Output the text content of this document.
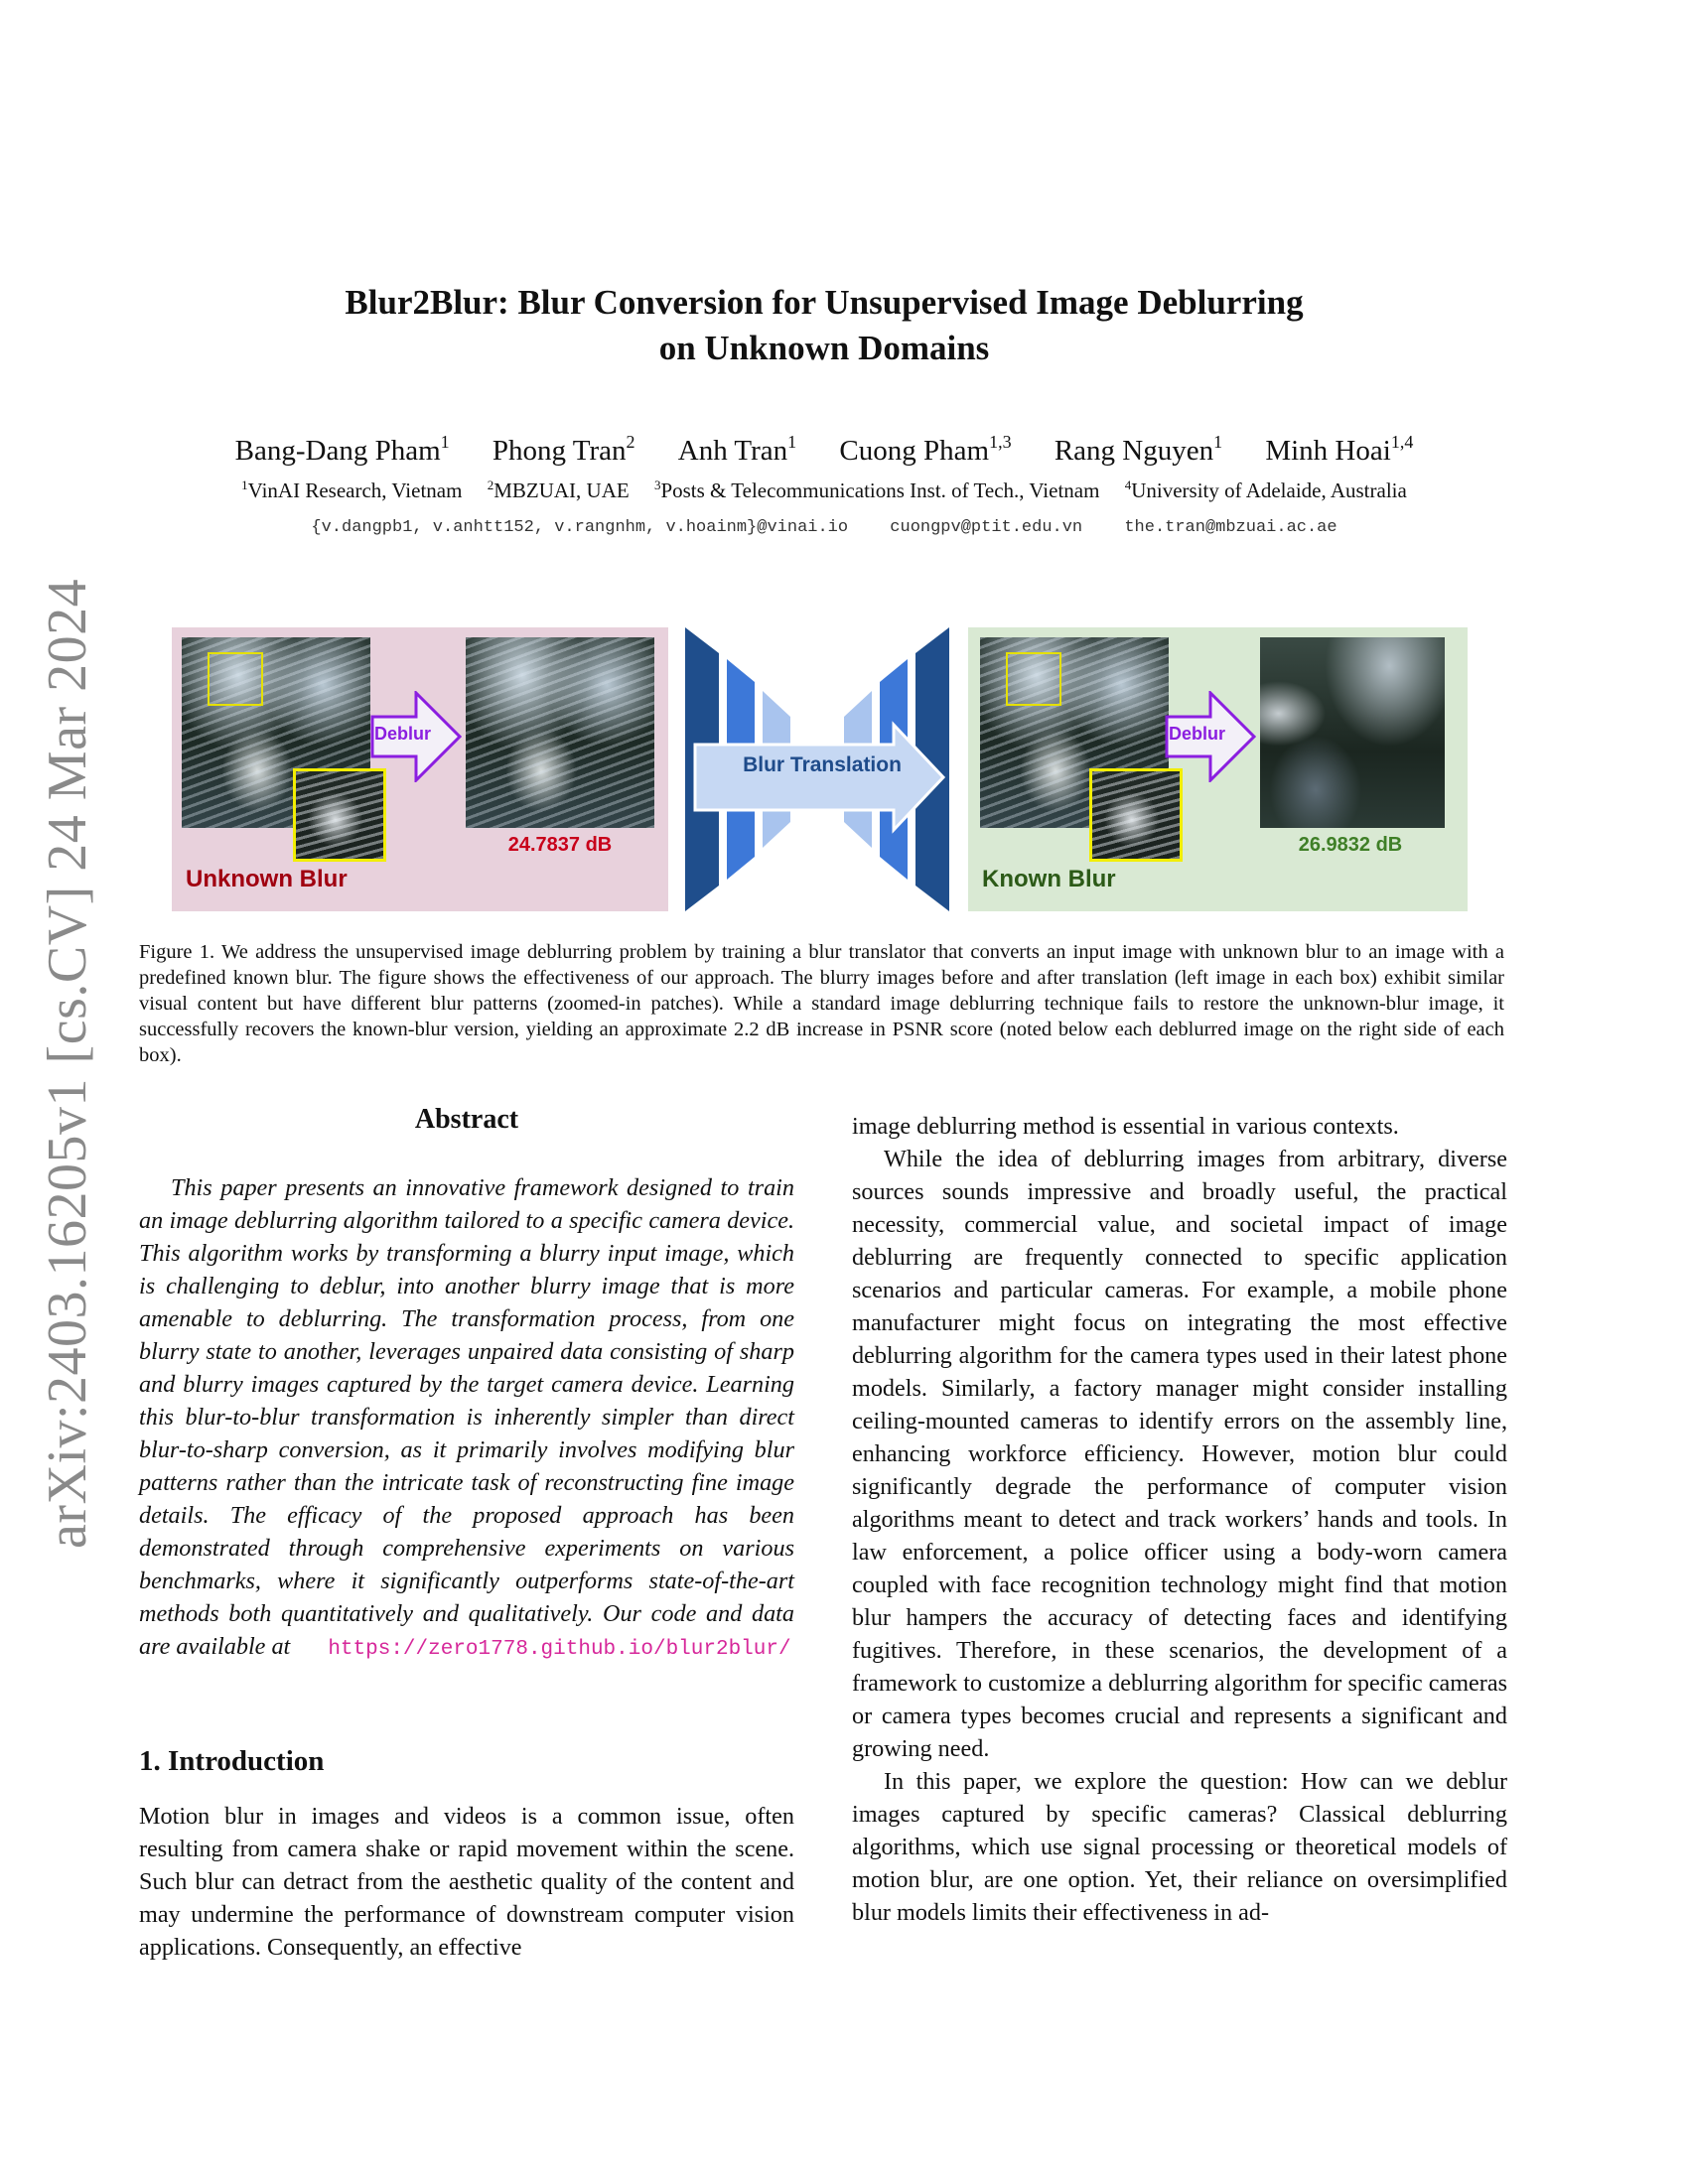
arXiv:2403.16205v1 [cs.CV] 24 Mar 2024
Blur2Blur: Blur Conversion for Unsupervised Image Deblurring
on Unknown Domains
Bang-Dang Pham$^1$ Phong Tran$^2$ Anh Tran$^1$ Cuong Pham$^{1,3}$ Rang Nguyen$^1$ Minh Hoai$^{1,4}$
$^1$VinAI Research, Vietnam $^2$MBZUAI, UAE $^3$Posts & Telecommunications Inst. of Tech., Vietnam $^4$University of Adelaide, Australia
{v.dangpb1, v.anhtt152, v.rangnhm, v.hoainm}@vinai.io cuongpv@ptit.edu.vn the.tran@mbzuai.ac.ae
Deblur
24.7837 dB
Unknown Blur
Blur Translation
Deblur
26.9832 dB
Known Blur
Figure 1. We address the unsupervised image deblurring problem by training a blur translator that converts an input image with unknown blur to an image with a predefined known blur. The figure shows the effectiveness of our approach. The blurry images before and after translation (left image in each box) exhibit similar visual content but have different blur patterns (zoomed-in patches). While a standard image deblurring technique fails to restore the unknown-blur image, it successfully recovers the known-blur version, yielding an approximate 2.2 dB increase in PSNR score (noted below each deblurred image on the right side of each box).
Abstract

This paper presents an innovative framework designed to train an image deblurring algorithm tailored to a specific camera device. This algorithm works by transforming a blurry input image, which is challenging to deblur, into another blurry image that is more amenable to deblurring. The transformation process, from one blurry state to another, leverages unpaired data consisting of sharp and blurry images captured by the target camera device. Learning this blur-to-blur transformation is inherently simpler than direct blur-to-sharp conversion, as it primarily involves modifying blur patterns rather than the intricate task of reconstructing fine image details. The efficacy of the proposed approach has been demonstrated through comprehensive experiments on various benchmarks, where it significantly outperforms state-of-the-art methods both quantitatively and qualitatively. Our code and data are available at https://zero1778.github.io/blur2blur/

1. Introduction

Motion blur in images and videos is a common issue, often resulting from camera shake or rapid movement within the scene. Such blur can detract from the aesthetic quality of the content and may undermine the performance of downstream computer vision applications. Consequently, an effective

image deblurring method is essential in various contexts.

While the idea of deblurring images from arbitrary, diverse sources sounds impressive and broadly useful, the practical necessity, commercial value, and societal impact of image deblurring are frequently connected to specific application scenarios and particular cameras. For example, a mobile phone manufacturer might focus on integrating the most effective deblurring algorithm for the camera types used in their latest phone models. Similarly, a factory manager might consider installing ceiling-mounted cameras to identify errors on the assembly line, enhancing workforce efficiency. However, motion blur could significantly degrade the performance of computer vision algorithms meant to detect and track workers’ hands and tools. In law enforcement, a police officer using a body-worn camera coupled with face recognition technology might find that motion blur hampers the accuracy of detecting faces and identifying fugitives. Therefore, in these scenarios, the development of a framework to customize a deblurring algorithm for specific cameras or camera types becomes crucial and represents a significant and growing need.

In this paper, we explore the question: How can we deblur images captured by specific cameras? Classical deblurring algorithms, which use signal processing or theoretical models of motion blur, are one option. Yet, their reliance on oversimplified blur models limits their effectiveness in ad-
